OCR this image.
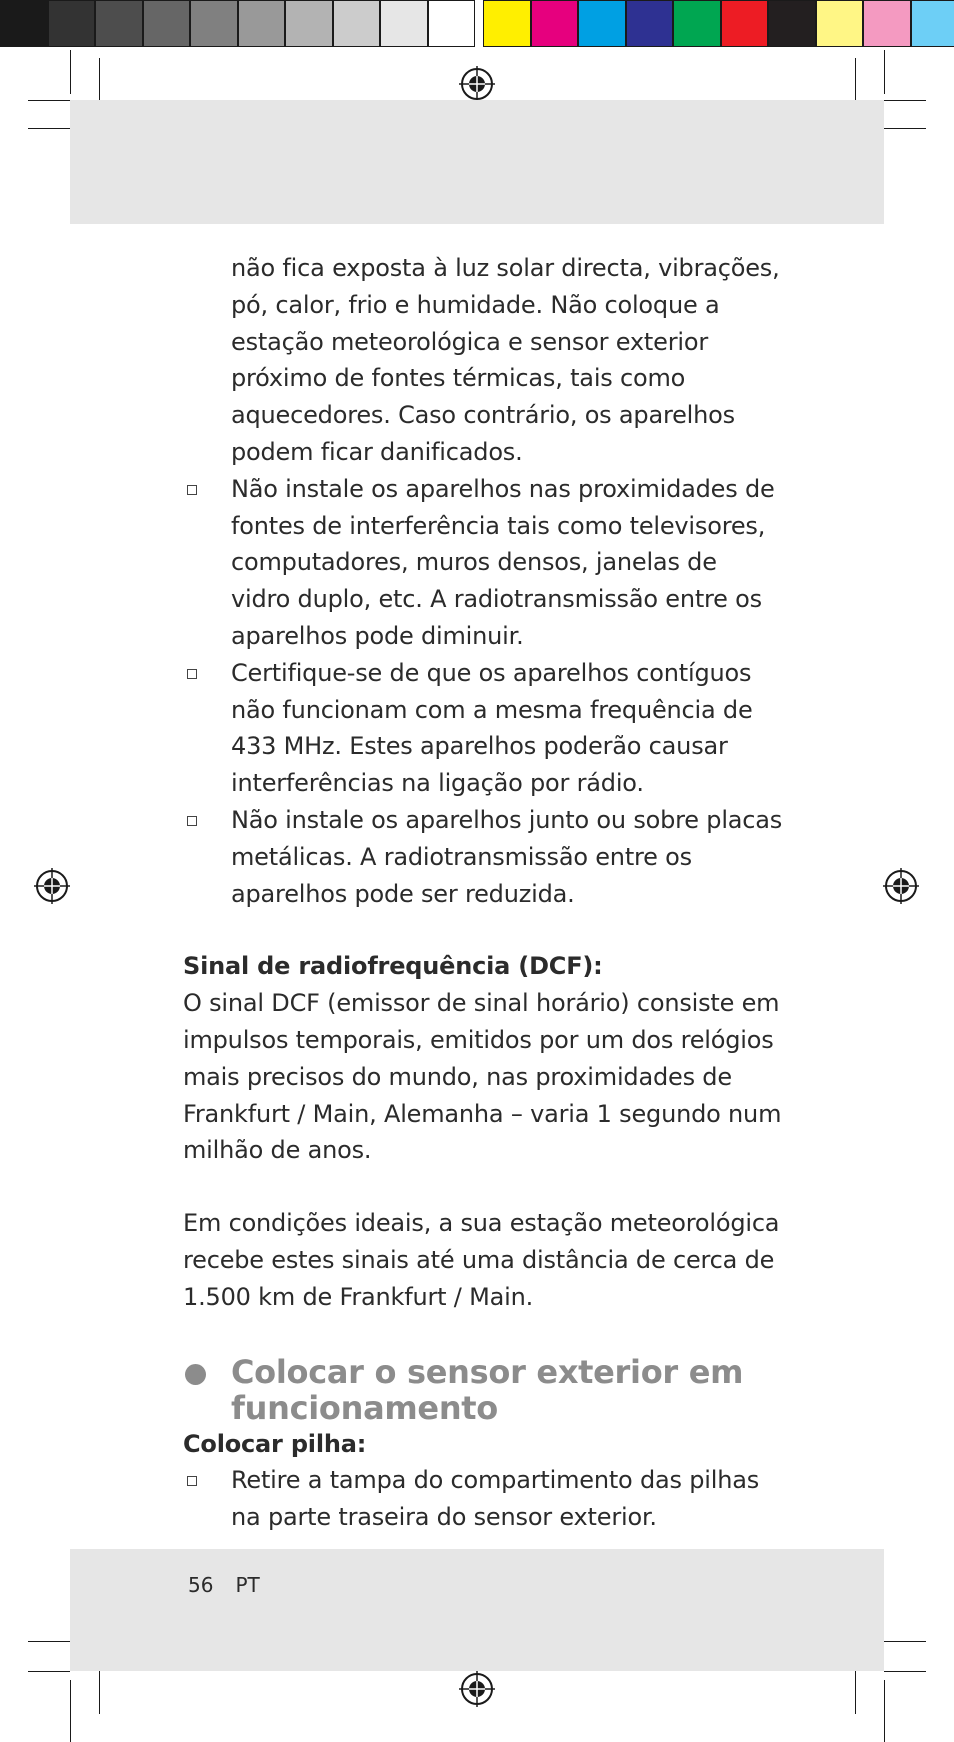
não fica exposta à luz solar directa, vibrações, pó, calor, frio e humidade. Não coloque a estação meteorológica e sensor exterior próximo de fontes térmicas, tais como aquecedores. Caso contrário, os aparelhos podem ficar danificados.

Não instale os aparelhos nas proximidades de fontes de interferência tais como televisores, computadores, muros densos, janelas de vidro duplo, etc. A radiotransmissão entre os aparelhos pode diminuir.
Certifique-se de que os aparelhos contíguos não funcionam com a mesma frequência de 433 MHz. Estes aparelhos poderão causar interferências na ligação por rádio.
Não instale os aparelhos junto ou sobre placas metálicas. A radiotransmissão entre os aparelhos pode ser reduzida.

Sinal de radiofrequência (DCF):

O sinal DCF (emissor de sinal horário) consiste em impulsos temporais, emitidos por um dos relógios mais precisos do mundo, nas proximidades de Frankfurt / Main, Alemanha – varia 1 segundo num milhão de anos.

Em condições ideais, a sua estação meteorológica recebe estes sinais até uma distância de cerca de 1.500 km de Frankfurt / Main.

Colocar o sensor exterior em funcionamento

Colocar pilha:

Retire a tampa do compartimento das pilhas na parte traseira do sensor exterior.
56 PT
